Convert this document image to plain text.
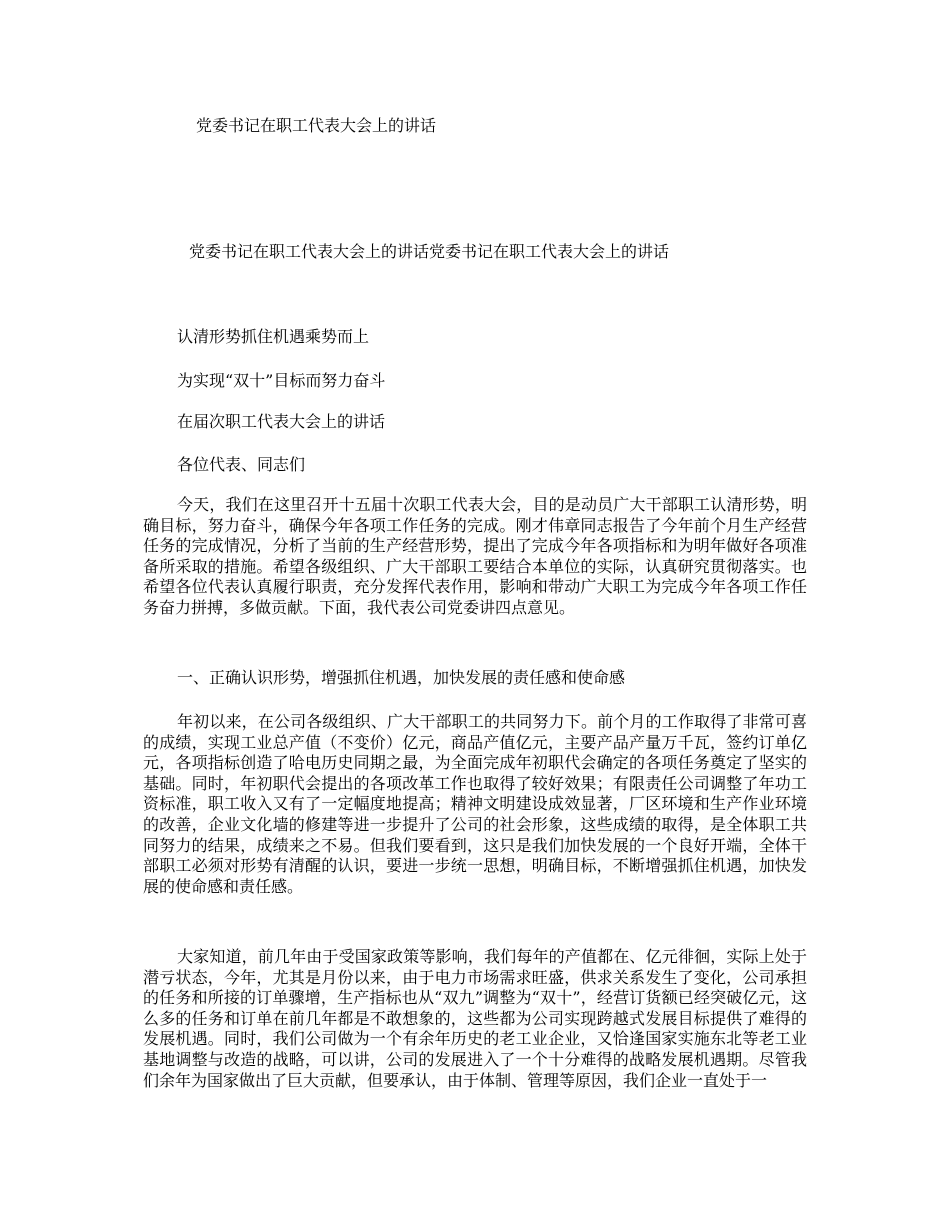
党委书记在职工代表大会上的讲话
党委书记在职工代表大会上的讲话党委书记在职工代表大会上的讲话
认清形势抓住机遇乘势而上
为实现“双十”目标而努力奋斗
在届次职工代表大会上的讲话
各位代表、同志们
今天，我们在这里召开十五届十次职工代表大会，目的是动员广大干部职工认清形势，明确目标，努力奋斗，确保今年各项工作任务的完成。刚才伟章同志报告了今年前个月生产经营任务的完成情况，分析了当前的生产经营形势，提出了完成今年各项指标和为明年做好各项准备所采取的措施。希望各级组织、广大干部职工要结合本单位的实际，认真研究贯彻落实。也希望各位代表认真履行职责，充分发挥代表作用，影响和带动广大职工为完成今年各项工作任务奋力拼搏，多做贡献。下面，我代表公司党委讲四点意见。
一、正确认识形势，增强抓住机遇，加快发展的责任感和使命感
年初以来，在公司各级组织、广大干部职工的共同努力下。前个月的工作取得了非常可喜的成绩，实现工业总产值（不变价）亿元，商品产值亿元，主要产品产量万千瓦，签约订单亿元，各项指标创造了哈电历史同期之最，为全面完成年初职代会确定的各项任务奠定了坚实的基础。同时，年初职代会提出的各项改革工作也取得了较好效果；有限责任公司调整了年功工资标准，职工收入又有了一定幅度地提高；精神文明建设成效显著，厂区环境和生产作业环境的改善，企业文化墙的修建等进一步提升了公司的社会形象，这些成绩的取得，是全体职工共同努力的结果，成绩来之不易。但我们要看到，这只是我们加快发展的一个良好开端，全体干部职工必须对形势有清醒的认识，要进一步统一思想，明确目标，不断增强抓住机遇，加快发展的使命感和责任感。
大家知道，前几年由于受国家政策等影响，我们每年的产值都在、亿元徘徊，实际上处于潜亏状态，今年，尤其是月份以来，由于电力市场需求旺盛，供求关系发生了变化，公司承担的任务和所接的订单骤增，生产指标也从“双九”调整为“双十”，经营订货额已经突破亿元，这么多的任务和订单在前几年都是不敢想象的，这些都为公司实现跨越式发展目标提供了难得的发展机遇。同时，我们公司做为一个有余年历史的老工业企业，又恰逢国家实施东北等老工业基地调整与改造的战略，可以讲，公司的发展进入了一个十分难得的战略发展机遇期。尽管我们余年为国家做出了巨大贡献，但要承认，由于体制、管理等原因，我们企业一直处于一
